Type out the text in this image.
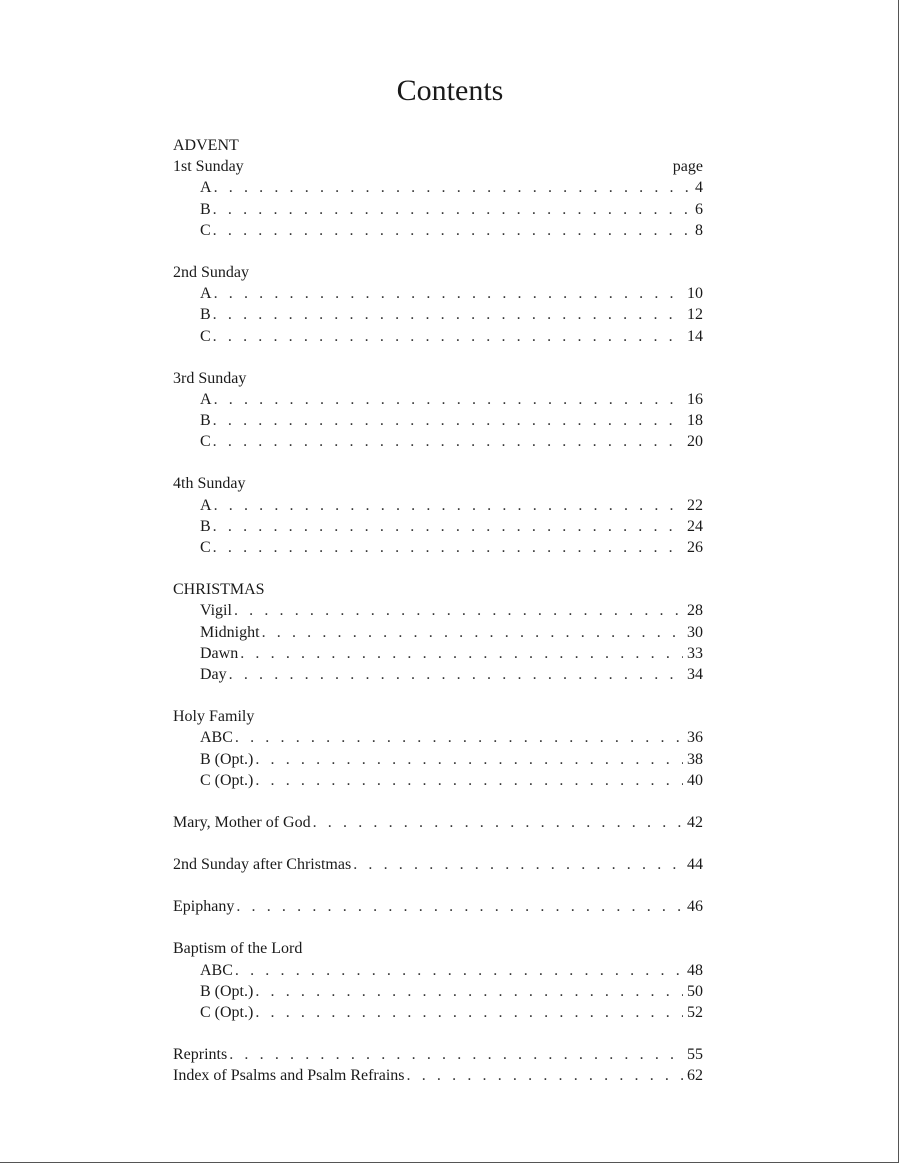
Contents
ADVENT
1st Sunday	page
A . . .	4
B . . .	6
C . . .	8
2nd Sunday
A . . .	10
B . . .	12
C . . .	14
3rd Sunday
A . . .	16
B . . .	18
C . . .	20
4th Sunday
A . . .	22
B . . .	24
C . . .	26
CHRISTMAS
Vigil . . .	28
Midnight . . .	30
Dawn . . .	33
Day . . .	34
Holy Family
ABC . . .	36
B (Opt.) . . .	38
C (Opt.) . . .	40
Mary, Mother of God . . .	42
2nd Sunday after Christmas . . .	44
Epiphany . . .	46
Baptism of the Lord
ABC . . .	48
B (Opt.) . . .	50
C (Opt.) . . .	52
Reprints . . .	55
Index of Psalms and Psalm Refrains . . .	62
